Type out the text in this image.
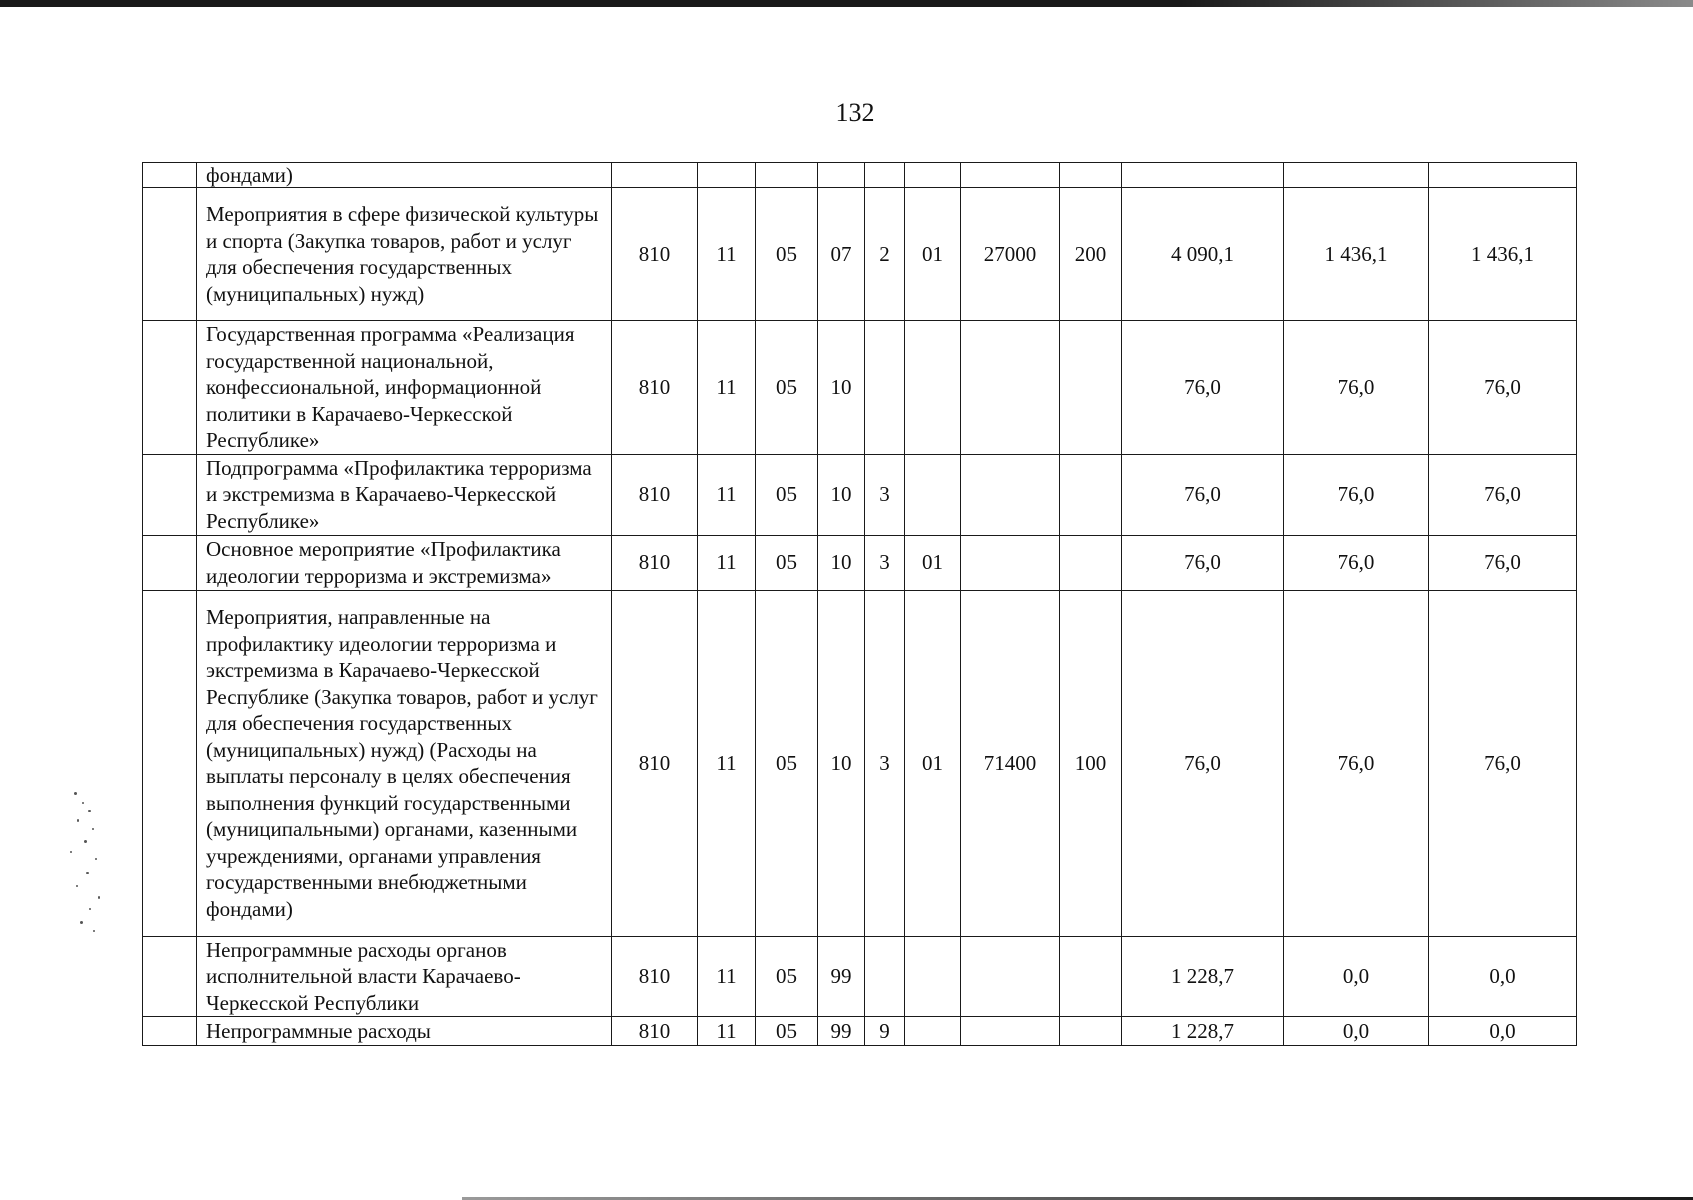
132
	фондами)											
	Мероприятия в сфере физической культуры и спорта (Закупка товаров, работ и услуг для обеспечения государственных (муниципальных) нужд)	810	11	05	07	2	01	27000	200	4 090,1	1 436,1	1 436,1
	Государственная программа «Реализация государственной национальной, конфессиональной, информационной политики в Карачаево-Черкесской Республике»	810	11	05	10					76,0	76,0	76,0
	Подпрограмма «Профилактика терроризма и экстремизма в Карачаево-Черкесской Республике»	810	11	05	10	3				76,0	76,0	76,0
	Основное мероприятие «Профилактика идеологии терроризма и экстремизма»	810	11	05	10	3	01			76,0	76,0	76,0
	Мероприятия, направленные на профилактику идеологии терроризма и экстремизма в Карачаево-Черкесской Республике (Закупка товаров, работ и услуг для обеспечения государственных (муниципальных) нужд) (Расходы на выплаты персоналу в целях обеспечения выполнения функций государственными (муниципальными) органами, казенными учреждениями, органами управления государственными внебюджетными фондами)	810	11	05	10	3	01	71400	100	76,0	76,0	76,0
	Непрограммные расходы органов исполнительной власти Карачаево-Черкесской Республики	810	11	05	99					1 228,7	0,0	0,0
	Непрограммные расходы	810	11	05	99	9				1 228,7	0,0	0,0
